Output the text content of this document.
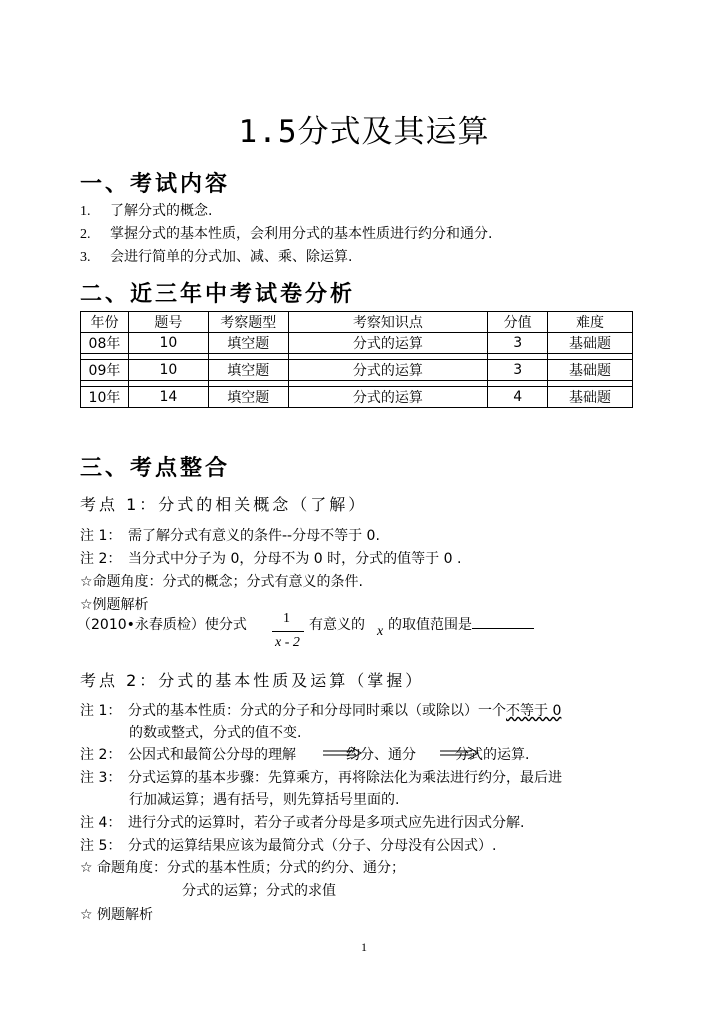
1.5分式及其运算
一、考试内容
1. 了解分式的概念.
2. 掌握分式的基本性质，会利用分式的基本性质进行约分和通分.
3. 会进行简单的分式加、减、乘、除运算.
二、近三年中考试卷分析
年份	题号	考察题型	考察知识点	分值	难度
08年	10	填空题	分式的运算	3	基础题

09年	10	填空题	分式的运算	3	基础题

10年	14	填空题	分式的运算	4	基础题
三、考点整合
考点 1：分式的相关概念（了解）
注 1： 需了解分式有意义的条件--分母不等于 0.
注 2： 当分式中分子为 0，分母不为 0 时，分式的值等于 0 .
☆命题角度：分式的概念；分式有意义的条件.
☆例题解析
（2010•永春质检）使分式	1
x - 2
有意义的 x 的取值范围是
考点 2：分式的基本性质及运算（掌握）
注 1： 分式的基本性质：分式的分子和分母同时乘以（或除以）一个不等于 0
的数或整式，分式的值不变.
注 2： 公因式和最简公分母的理解	约分、通分	分式的运算.
注 3： 分式运算的基本步骤：先算乘方，再将除法化为乘法进行约分，最后进
行加减运算；遇有括号，则先算括号里面的.
注 4： 进行分式的运算时，若分子或者分母是多项式应先进行因式分解.
注 5： 分式的运算结果应该为最简分式（分子、分母没有公因式）.
☆ 命题角度：分式的基本性质；分式的约分、通分；
分式的运算；分式的求值
☆ 例题解析
1
